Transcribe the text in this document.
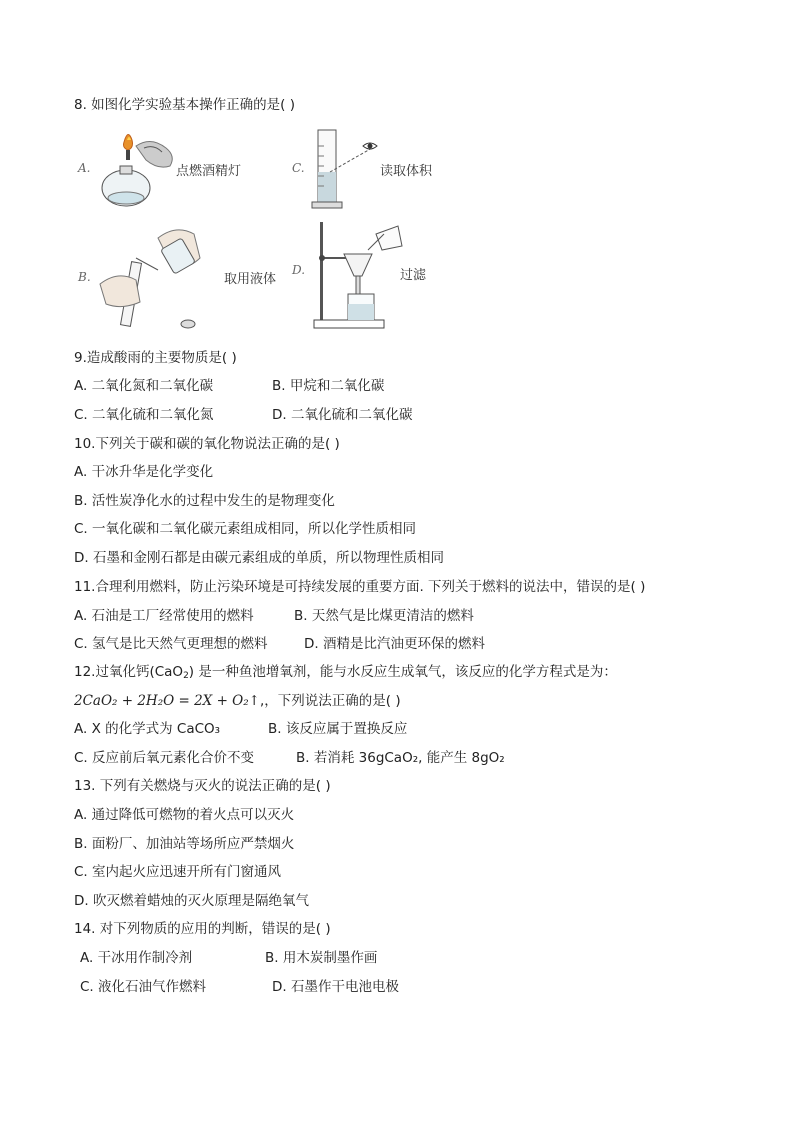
8. 如图化学实验基本操作正确的是( )
A.	点燃酒精灯	C.	读取体积
B.	取用液体
D.	过滤
9.造成酸雨的主要物质是( )
A. 二氧化氮和二氧化碳	B. 甲烷和二氧化碳
C. 二氧化硫和二氧化氮	D. 二氧化硫和二氧化碳
10.下列关于碳和碳的氧化物说法正确的是( )
A. 干冰升华是化学变化
B. 活性炭净化水的过程中发生的是物理变化
C. 一氧化碳和二氧化碳元素组成相同，所以化学性质相同
D. 石墨和金刚石都是由碳元素组成的单质，所以物理性质相同
11.合理利用燃料，防止污染环境是可持续发展的重要方面. 下列关于燃料的说法中，错误的是( )
A. 石油是工厂经常使用的燃料	B. 天然气是比煤更清洁的燃料
C. 氢气是比天然气更理想的燃料	D. 酒精是比汽油更环保的燃料
12.过氧化钙(CaO$_2$) 是一种鱼池增氧剂，能与水反应生成氧气，该反应的化学方程式是为：
2CaO₂ + 2H₂O = 2X + O₂↑,，下列说法正确的是( )
A. X 的化学式为 CaCO₃	B. 该反应属于置换反应
C. 反应前后氧元素化合价不变	B. 若消耗 36gCaO₂, 能产生 8gO₂
13. 下列有关燃烧与灭火的说法正确的是( )
A. 通过降低可燃物的着火点可以灭火
B. 面粉厂、加油站等场所应严禁烟火
C. 室内起火应迅速开所有门窗通风
D. 吹灭燃着蜡烛的灭火原理是隔绝氧气
14. 对下列物质的应用的判断，错误的是( )
A. 干冰用作制冷剂	B. 用木炭制墨作画
C. 液化石油气作燃料	D. 石墨作干电池电极
